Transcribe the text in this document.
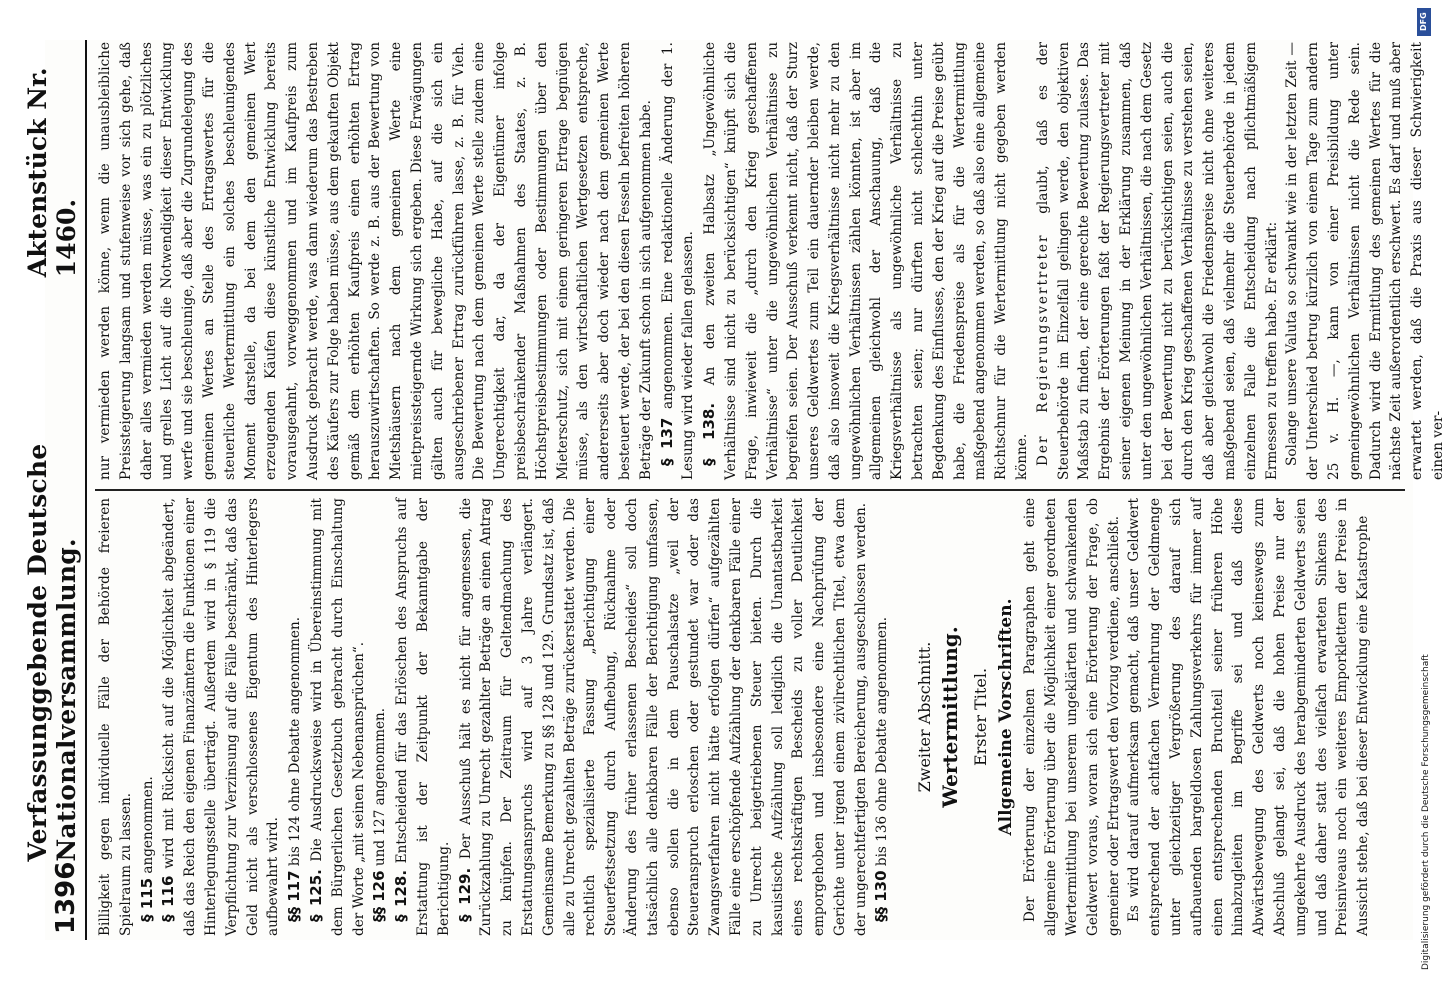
1396
Verfassunggebende Deutsche Nationalversammlung.
Aktenstück Nr. 1460.

Billigkeit gegen individuelle Fälle der Behörde freieren Spielraum zu lassen. § 115 angenommen.

§ 116 wird mit Rücksicht auf die Möglichkeit abgeändert, daß das Reich den eigenen Finanzämtern die Funktionen einer Hinterlegungsstelle überträgt. Außerdem wird in § 119 die Verpflichtung zur Verzinsung auf die Fälle beschränkt, daß das Geld nicht als verschlossenes Eigentum des Hinterlegers aufbewahrt wird. §§ 117 bis 124 ohne Debatte angenommen.

§ 125. Die Ausdrucksweise wird in Übereinstimmung mit dem Bürgerlichen Gesetzbuch gebracht durch Einschaltung der Worte „mit seinen Nebenansprüchen“. §§ 126 und 127 angenommen.

§ 128. Entscheidend für das Erlöschen des Anspruchs auf Erstattung ist der Zeitpunkt der Bekanntgabe der Berichtigung. § 129. Der Ausschuß hält es nicht für angemessen, die Zurückzahlung zu Unrecht gezahlter Beträge an einen Antrag zu knüpfen. Der Zeitraum für Geltendmachung des Erstattungsanspruchs wird auf 3 Jahre verlängert. Gemeinsame Bemerkung zu §§ 128 und 129. Grundsatz ist, daß alle zu Unrecht gezahlten Beträge zurückerstattet werden. Die rechtlich spezialisierte Fassung „Berichtigung einer Steuerfestsetzung durch Aufhebung, Rücknahme oder Änderung des früher erlassenen Bescheides“ soll doch tatsächlich alle denkbaren Fälle der Berichtigung umfassen, ebenso sollen die in dem Pauschalsatze „weil der Steueranspruch erloschen oder gestundet war oder das Zwangsverfahren nicht hätte erfolgen dürfen“ aufgezählten Fälle eine erschöpfende Aufzählung der denkbaren Fälle einer zu Unrecht beigetriebenen Steuer bieten. Durch die kasuistische Aufzählung soll lediglich die Unantastbarkeit eines rechtskräftigen Bescheids zu voller Deutlichkeit emporgehoben und insbesondere eine Nachprüfung der Gerichte unter irgend einem zivilrechtlichen Titel, etwa dem der ungerechtfertigten Bereicherung, ausgeschlossen werden. §§ 130 bis 136 ohne Debatte angenommen. Zweiter Abschnitt. Wertermittlung. Erster Titel. Allgemeine Vorschriften. Der Erörterung der einzelnen Paragraphen geht eine allgemeine Erörterung über die Möglichkeit einer geordneten Wertermittlung bei unserem ungeklärten und schwankenden Geldwert voraus, woran sich eine Erörterung der Frage, ob gemeiner oder Ertragswert den Vorzug verdiene, anschließt. Es wird darauf aufmerksam gemacht, daß unser Geldwert entsprechend der achtfachen Vermehrung der Geldmenge unter gleichzeitiger Vergrößerung des darauf sich aufbauenden bargeldlosen Zahlungsverkehrs für immer auf einen entsprechenden Bruchteil seiner früheren Höhe hinabzugleiten im Begriffe sei und daß diese Abwärtsbewegung des Geldwerts noch keineswegs zum Abschluß gelangt sei, daß die hohen Preise nur der umgekehrte Ausdruck des herabgeminderten Geldwerts seien und daß daher statt des vielfach erwarteten Sinkens des Preisniveaus noch ein weiteres Emporklettern der Preise in Aussicht stehe, daß bei dieser Entwicklung eine Katastrophe

nur vermieden werden könne, wenn die unausbleibliche Preissteigerung langsam und stufenweise vor sich gehe, daß daher alles vermieden werden müsse, was ein zu plötzliches und grelles Licht auf die Notwendigkeit dieser Entwicklung werfe und sie beschleunige, daß aber die Zugrundelegung des gemeinen Wertes an Stelle des Ertragswertes für die steuerliche Wertermittlung ein solches beschleunigendes Moment darstelle, da bei dem den gemeinen Wert erzeugenden Käufen diese künstliche Entwicklung bereits vorausgeahnt, vorweggenommen und im Kaufpreis zum Ausdruck gebracht werde, was dann wiederum das Bestreben des Käufers zur Folge haben müsse, aus dem gekauften Objekt gemäß dem erhöhten Kaufpreis einen erhöhten Ertrag herauszuwirtschaften. So werde z. B. aus der Bewertung von Mietshäusern nach dem gemeinen Werte eine mietpreissteigernde Wirkung sich ergeben. Diese Erwägungen gälten auch für bewegliche Habe, auf die sich ein ausgeschriebener Ertrag zurückführen lasse, z. B. für Vieh. Die Bewertung nach dem gemeinen Werte stelle zudem eine Ungerechtigkeit dar, da der Eigentümer infolge preisbeschränkender Maßnahmen des Staates, z. B. Höchstpreisbestimmungen oder Bestimmungen über den Mieterschutz, sich mit einem geringeren Ertrage begnügen müsse, als den wirtschaftlichen Wertgesetzen entspreche, andererseits aber doch wieder nach dem gemeinen Werte besteuert werde, der bei den diesen Fesseln befreiten höheren Beträge der Zukunft schon in sich aufgenommen habe. § 137 angenommen. Eine redaktionelle Änderung der 1. Lesung wird wieder fallen gelassen. § 138. An den zweiten Halbsatz „Ungewöhnliche Verhältnisse sind nicht zu berücksichtigen“ knüpft sich die Frage, inwieweit die „durch den Krieg geschaffenen Verhältnisse“ unter die ungewöhnlichen Verhältnisse zu begreifen seien. Der Ausschuß verkennt nicht, daß der Sturz unseres Geldwertes zum Teil ein dauernder bleiben werde, daß also insoweit die Kriegsverhältnisse nicht mehr zu den ungewöhnlichen Verhältnissen zählen könnten, ist aber im allgemeinen gleichwohl der Anschauung, daß die Kriegsverhältnisse als ungewöhnliche Verhältnisse zu betrachten seien; nur dürften nicht schlechthin unter Begdenkung des Einflusses, den der Krieg auf die Preise geübt habe, die Friedenspreise als für die Wertermittlung maßgebend angenommen werden, so daß also eine allgemeine Richtschnur für die Wertermittlung nicht gegeben werden könne. Der Regierungsvertreter glaubt, daß es der Steuerbehörde im Einzelfall gelingen werde, den objektiven Maßstab zu finden, der eine gerechte Bewertung zulasse. Das Ergebnis der Erörterungen faßt der Regierungsvertreter mit seiner eigenen Meinung in der Erklärung zusammen, daß unter den ungewöhnlichen Verhältnissen, die nach dem Gesetz bei der Bewertung nicht zu berücksichtigen seien, auch die durch den Krieg geschaffenen Verhältnisse zu verstehen seien, daß aber gleichwohl die Friedenspreise nicht ohne weiteres maßgebend seien, daß vielmehr die Steuerbehörde in jedem einzelnen Falle die Entscheidung nach pflichtmäßigem Ermessen zu treffen habe. Er erklärt: Solange unsere Valuta so schwankt wie in der letzten Zeit — der Unterschied betrug kürzlich von einem Tage zum andern 25 v. H. —, kann von einer Preisbildung unter gemeingewöhnlichen Verhältnissen nicht die Rede sein. Dadurch wird die Ermittlung des gemeinen Wertes für die nächste Zeit außerordentlich erschwert. Es darf und muß aber erwartet werden, daß die Praxis aus dieser Schwierigkeit einen ver-

DFG
Digitalisierung gefördert durch die Deutsche Forschungsgemeinschaft
